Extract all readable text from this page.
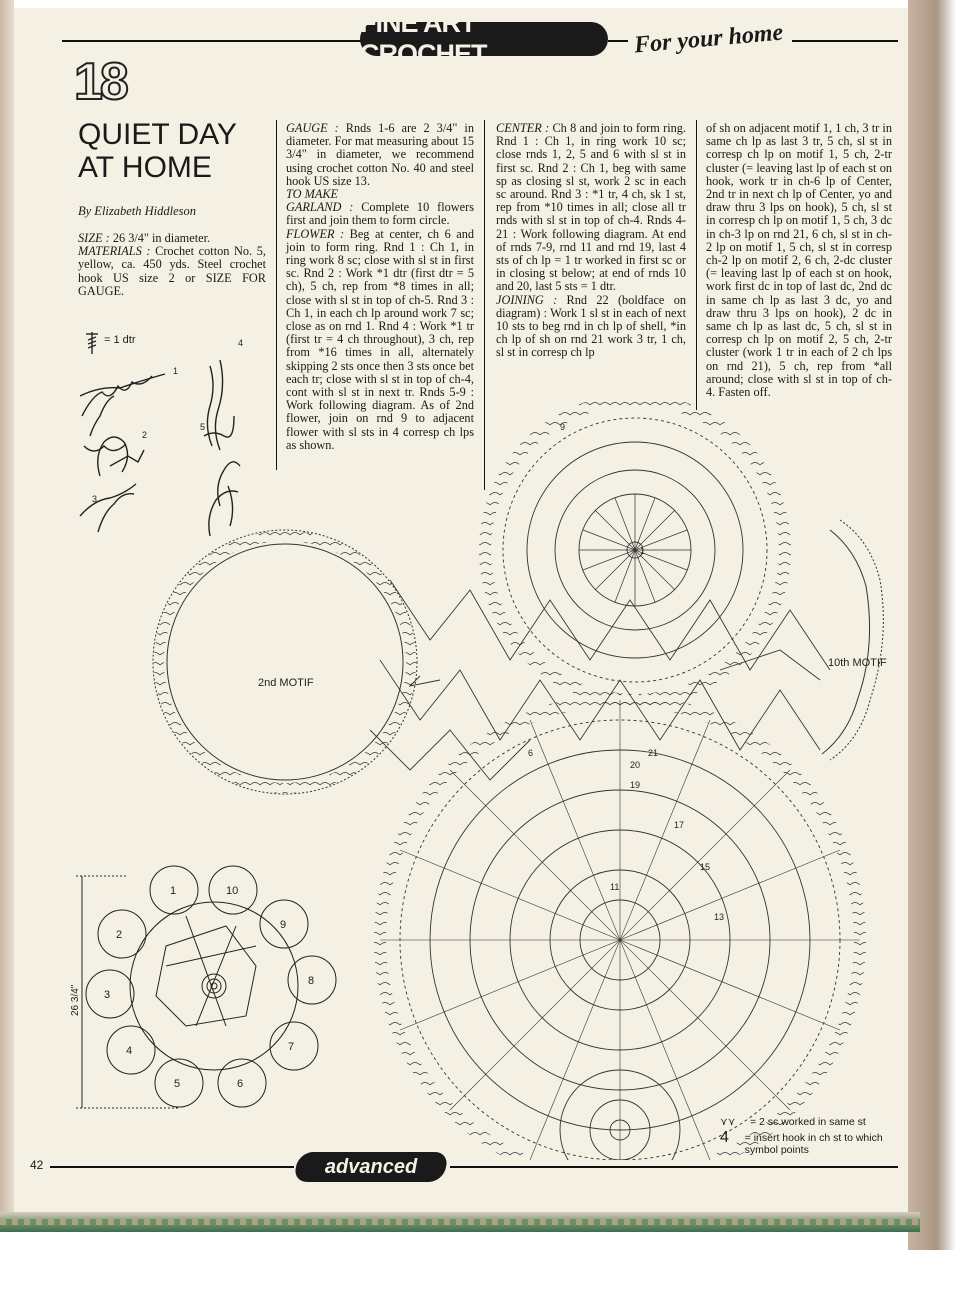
FINE ART CROCHET	For your home
18
QUIET DAY AT HOME
By Elizabeth Hiddleson

SIZE : 26 3/4" in diameter.

MATERIALS : Crochet cotton No. 5, yellow, ca. 450 yds. Steel crochet hook US size 2 or SIZE FOR GAUGE.

GAUGE : Rnds 1-6 are 2 3/4" in diameter. For mat measuring about 15 3/4" in diameter, we recommend using crochet cotton No. 40 and steel hook US size 13.

TO MAKE

GARLAND : Complete 10 flowers first and join them to form circle.

FLOWER : Beg at center, ch 6 and join to form ring. Rnd 1 : Ch 1, in ring work 8 sc; close with sl st in first sc. Rnd 2 : Work *1 dtr (first dtr = 5 ch), 5 ch, rep from *8 times in all; close with sl st in top of ch-5. Rnd 3 : Ch 1, in each ch lp around work 7 sc; close as on rnd 1. Rnd 4 : Work *1 tr (first tr = 4 ch throughout), 3 ch, rep from *16 times in all, alternately skipping 2 sts once then 3 sts once bet each tr; close with sl st in top of ch-4, cont with sl st in next tr. Rnds 5-9 : Work following diagram. As of 2nd flower, join on rnd 9 to adjacent flower with sl sts in 4 corresp ch lps as shown.

CENTER : Ch 8 and join to form ring. Rnd 1 : Ch 1, in ring work 10 sc; close rnds 1, 2, 5 and 6 with sl st in first sc. Rnd 2 : Ch 1, beg with same sp as closing sl st, work 2 sc in each sc around. Rnd 3 : *1 tr, 4 ch, sk 1 st, rep from *10 times in all; close all tr rnds with sl st in top of ch-4. Rnds 4-21 : Work following diagram. At end of rnds 7-9, rnd 11 and rnd 19, last 4 sts of ch lp = 1 tr worked in first sc or in closing st below; at end of rnds 10 and 20, last 5 sts = 1 dtr.

JOINING : Rnd 22 (boldface on diagram) : Work 1 sl st in each of next 10 sts to beg rnd in ch lp of shell, *in ch lp of sh on rnd 21 work 3 tr, 1 ch, sl st in corresp ch lp

of sh on adjacent motif 1, 1 ch, 3 tr in same ch lp as last 3 tr, 5 ch, sl st in corresp ch lp on motif 1, 5 ch, 2-tr cluster (= leaving last lp of each st on hook, work tr in ch-6 lp of Center, 2nd tr in next ch lp of Center, yo and draw thru 3 lps on hook), 5 ch, sl st in corresp ch lp on motif 1, 5 ch, 3 dc in ch-3 lp on rnd 21, 6 ch, sl st in ch-2 lp on motif 1, 5 ch, sl st in corresp ch-2 lp on motif 2, 6 ch, 2-dc cluster (= leaving last lp of each st on hook, work first dc in top of last dc, 2nd dc in same ch lp as last 3 dc, yo and draw thru 3 lps on hook), 2 dc in same ch lp as last dc, 5 ch, sl st in corresp ch lp on motif 2, 5 ch, 2-tr cluster (work 1 tr in each of 2 ch lps on rnd 21), 5 ch, rep from *all around; close with sl st in top of ch-4. Fasten off.

= 1 dtr
1
2
3
4
5
2nd MOTIF
1
9
10th MOTIF
20
21
19
17
15
13
11
6
1
2
3
4
5	6
7
8
9
10
26 3/4"
⋎⋎	= 2 sc worked in same st
4	= insert hook in ch st to which symbol points
42	advanced
